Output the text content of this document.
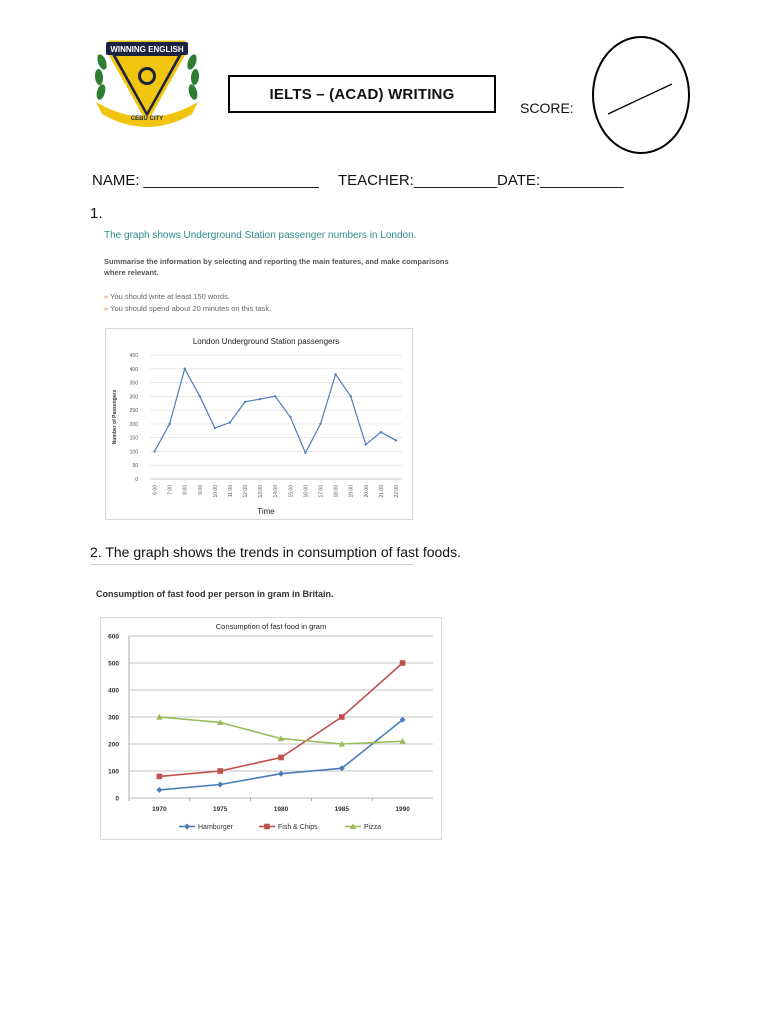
WINNING ENGLISH
CEBU CITY
IELTS – (ACAD) WRITING
SCORE:
NAME: _____________________ TEACHER:__________ DATE:__________
1.
The graph shows Underground Station passenger numbers in London.
Summarise the information by selecting and reporting the main features, and make comparisons where relevant.
» You should write at least 150 words.
» You should spend about 20 minutes on this task.
London Underground Station passengers
0
50
100
150
200
250
300
350
400
450
6:00 7:00 8:00 9:00 10:00 11:00 12:00 13:00 14:00 15:00 16:00 17:00 18:00 19:00 20:00 21:00 22:00
Number of Passengers
Time
2. The graph shows the trends in consumption of fast foods.
Consumption of fast food per person in gram in Britain.
Consumption of fast food in gram
0
100
200
300
400
500
600
1970	1975	1980	1985	1990
Hamburger	Fish & Chips	Pizza
